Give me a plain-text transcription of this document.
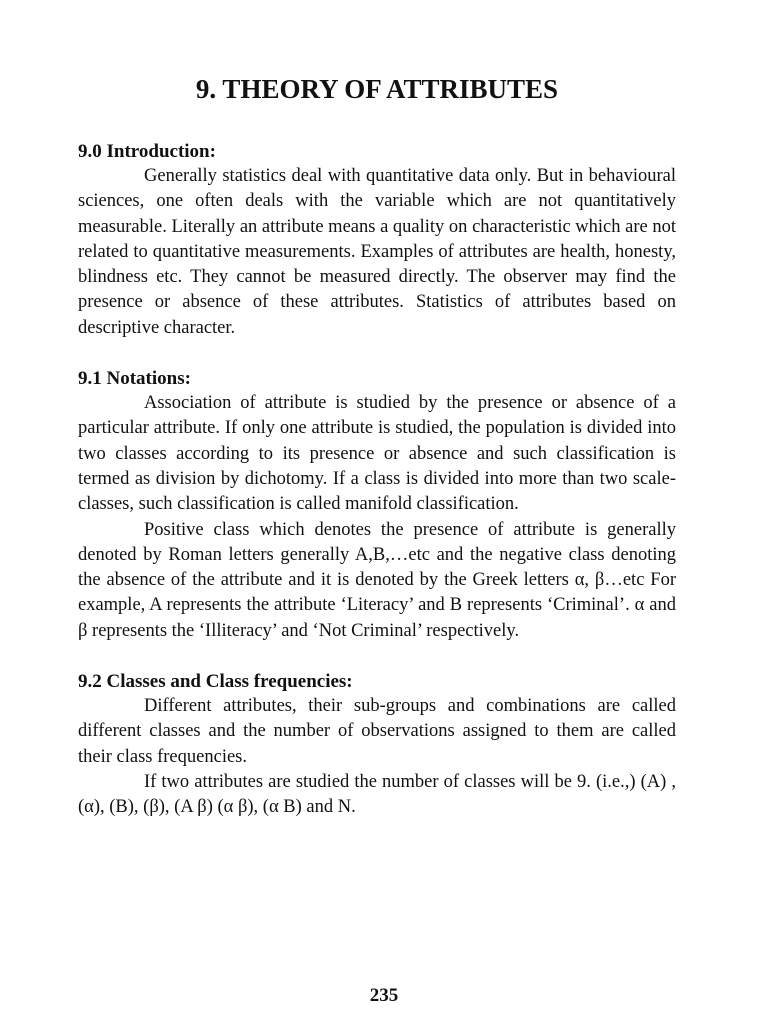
9. THEORY OF ATTRIBUTES
9.0 Introduction:

Generally statistics deal with quantitative data only. But in behavioural sciences, one often deals with the variable which are not quantitatively measurable. Literally an attribute means a quality on characteristic which are not related to quantitative measurements. Examples of attributes are health, honesty, blindness etc. They cannot be measured directly. The observer may find the presence or absence of these attributes. Statistics of attributes based on descriptive character.

9.1 Notations:

Association of attribute is studied by the presence or absence of a particular attribute. If only one attribute is studied, the population is divided into two classes according to its presence or absence and such classification is termed as division by dichotomy. If a class is divided into more than two scale-classes, such classification is called manifold classification.

Positive class which denotes the presence of attribute is generally denoted by Roman letters generally A,B,…etc and the negative class denoting the absence of the attribute and it is denoted by the Greek letters α, β…etc For example, A represents the attribute ‘Literacy’ and B represents ‘Criminal’. α and β represents the ‘Illiteracy’ and ‘Not Criminal’ respectively.

9.2 Classes and Class frequencies:

Different attributes, their sub-groups and combinations are called different classes and the number of observations assigned to them are called their class frequencies.

If two attributes are studied the number of classes will be 9. (i.e.,) (A) , (α), (B), (β), (A β) (α β), (α B) and N.

235
